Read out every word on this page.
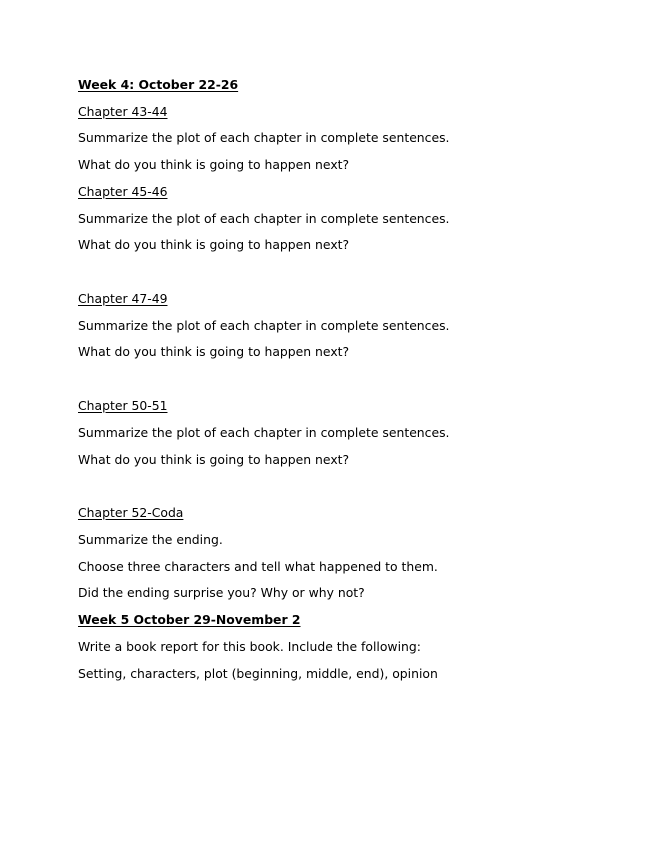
Week 4: October 22-26
Chapter 43-44
Summarize the plot of each chapter in complete sentences.
What do you think is going to happen next?
Chapter 45-46
Summarize the plot of each chapter in complete sentences.
What do you think is going to happen next?
Chapter 47-49
Summarize the plot of each chapter in complete sentences.
What do you think is going to happen next?
Chapter 50-51
Summarize the plot of each chapter in complete sentences.
What do you think is going to happen next?
Chapter 52-Coda
Summarize the ending.
Choose three characters and tell what happened to them.
Did the ending surprise you? Why or why not?
Week 5 October 29-November 2
Write a book report for this book. Include the following:
Setting, characters, plot (beginning, middle, end), opinion
